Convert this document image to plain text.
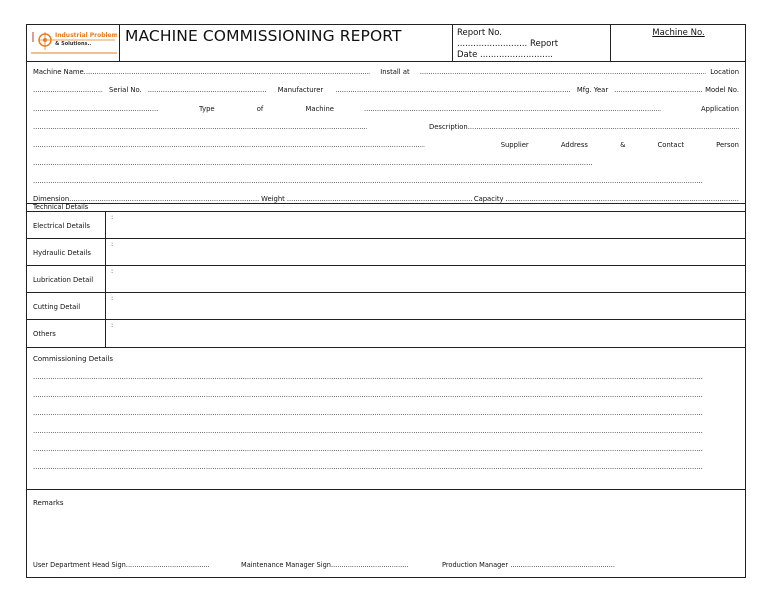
Industrial Problems
& Solutions.. MACHINE COMMISSIONING REPORT	Report No.
.......................... Report
Date ...........................
Machine No.
Machine Name .....	Install at .....	Location
.....
Serial No. .....	Manufacturer .....	Mfg. Year .....	Model No.
.....
Type of Machine .....	Application
.....
Description
.....
.....
Supplier Address & Contact Person
.....
.....
Dimension .....	Weight .....	Capacity
.....
Technical Details
Electrical Details
:
Hydraulic Details
:
Lubrication Detail
:
Cutting Detail
:
Others
:
Commissioning Details
.....
.....
.....
.....
.....
.....
Remarks
User Department Head Sign........................................	Maintenance Manager Sign.....................................	Production Manager ..................................................
